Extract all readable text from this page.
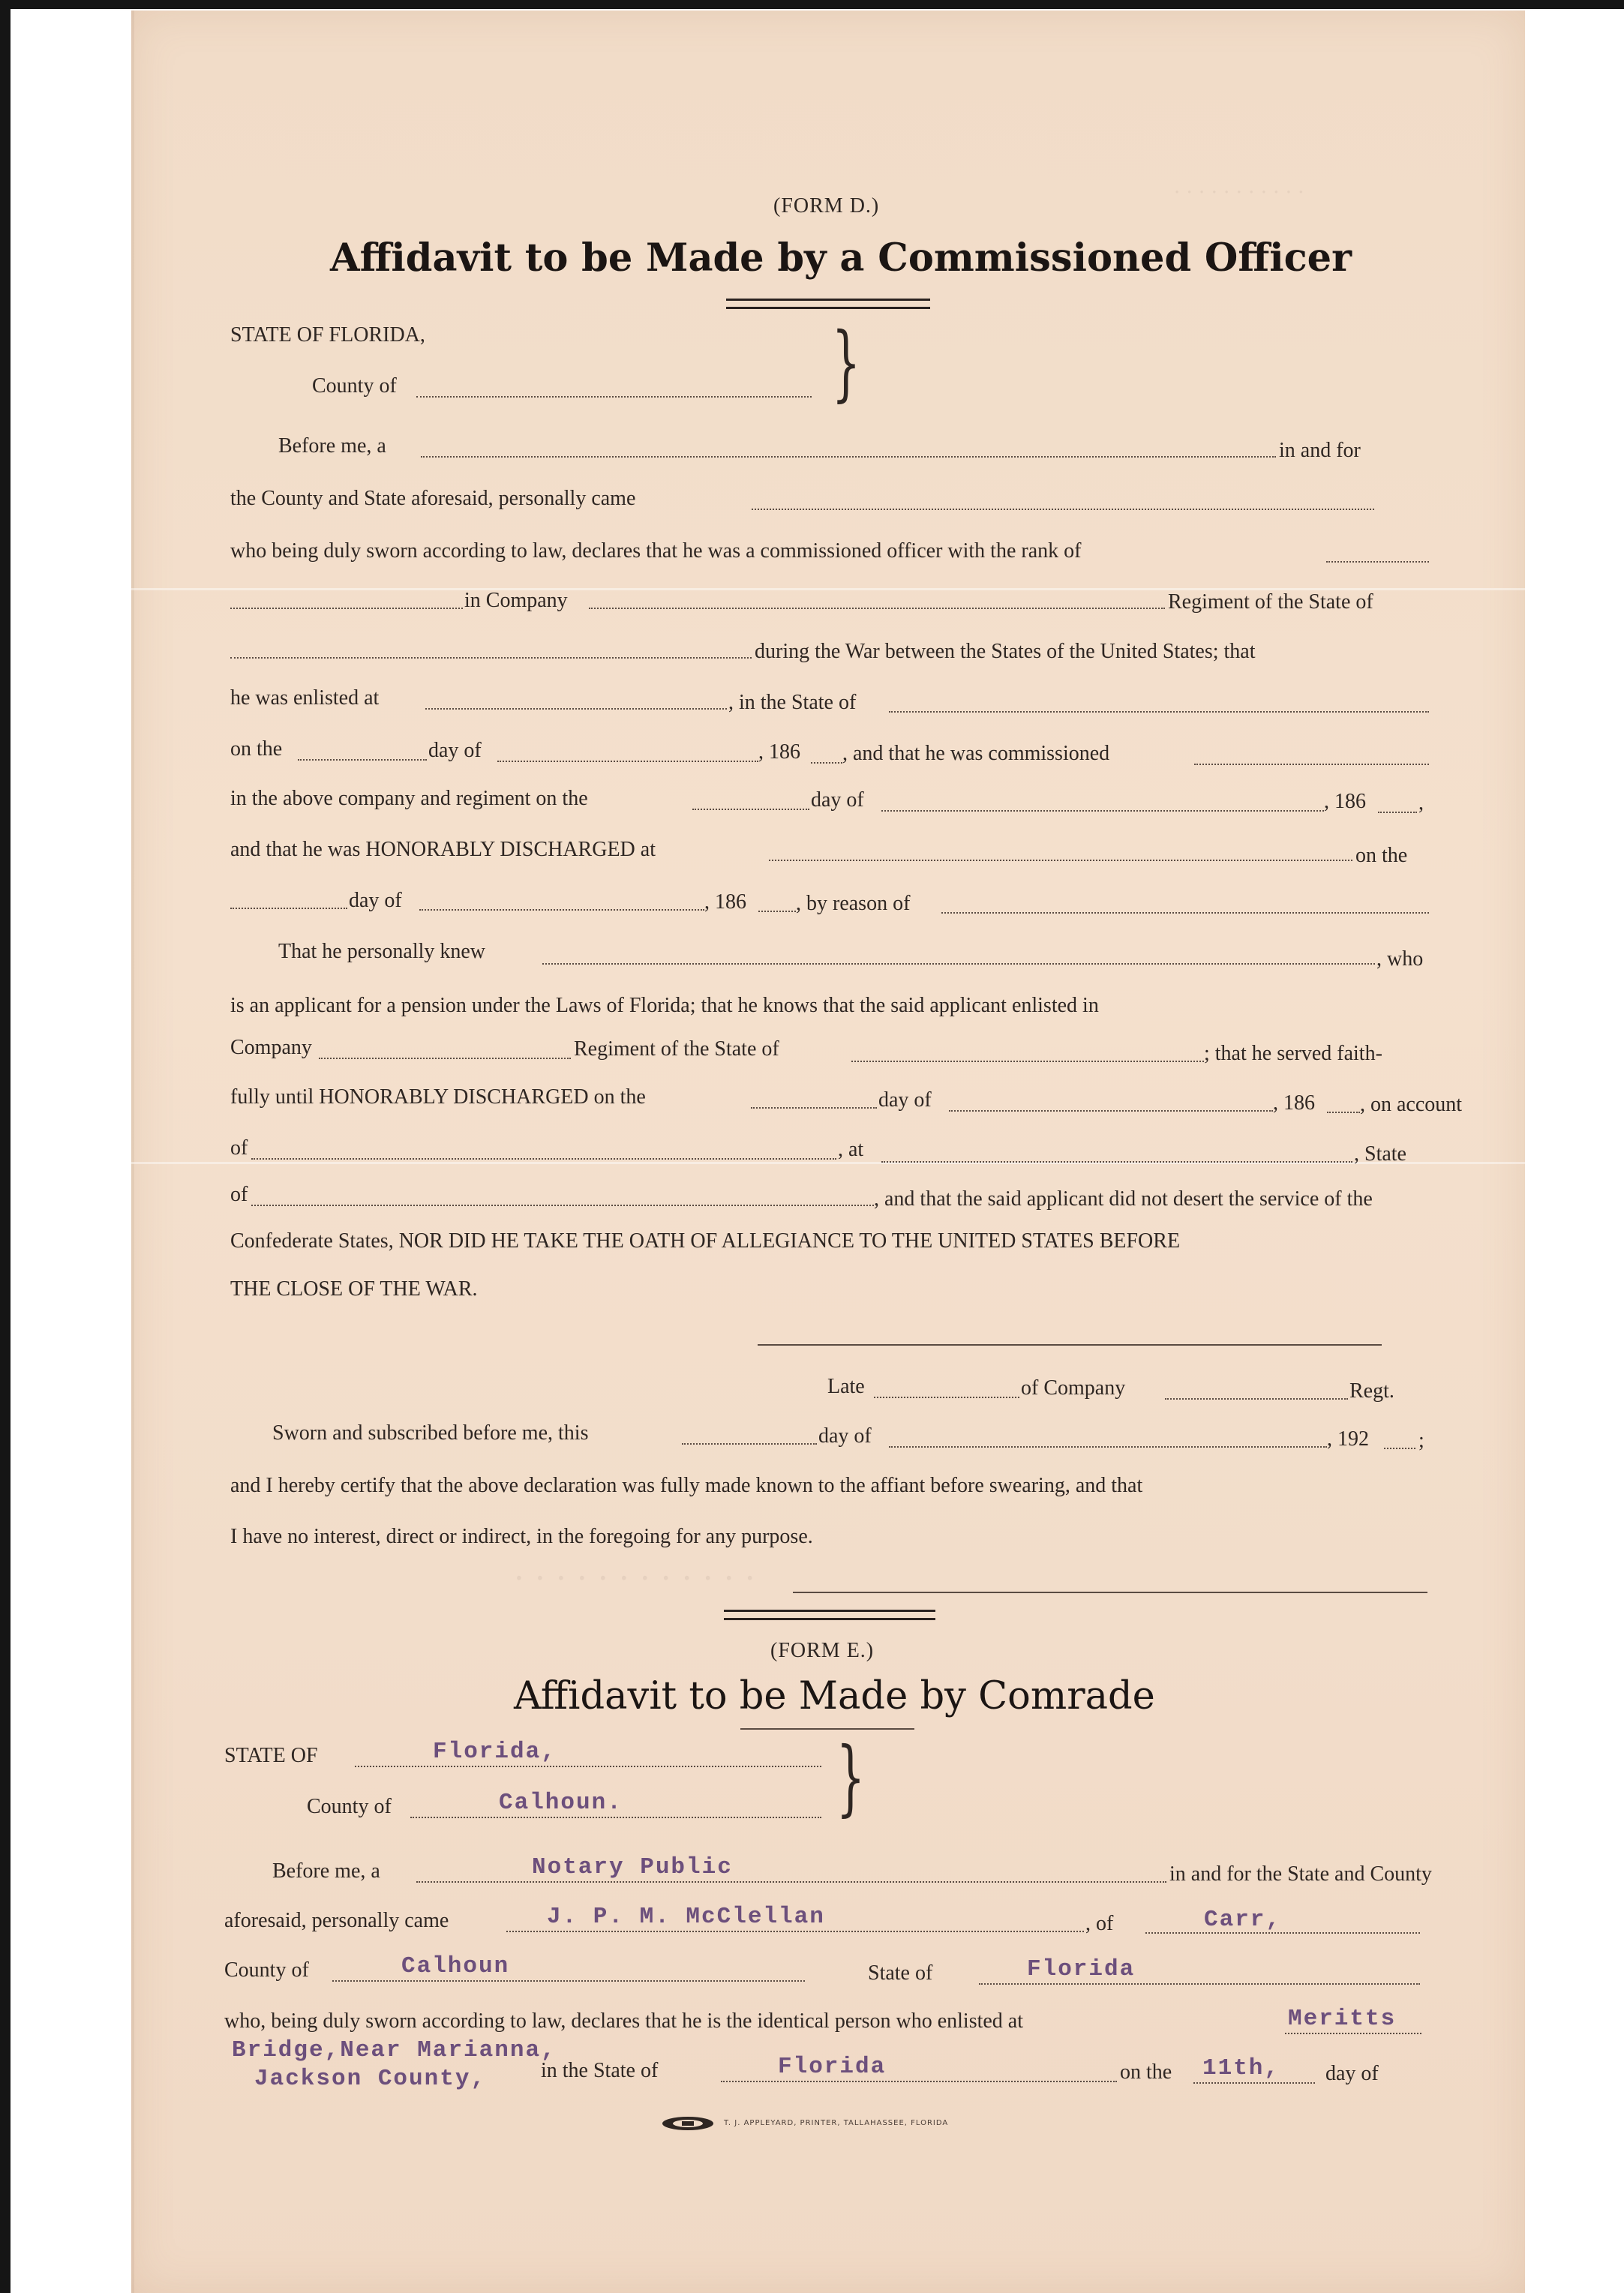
· · · · · · · · · · ·
· · · · · · · · · · · ·
(FORM D.)
Affidavit to be Made by a Commissioned Officer
STATE OF FLORIDA,
County of	}
Before me, a	in and for
the County and State aforesaid, personally came
who being duly sworn according to law, declares that he was a commissioned officer with the rank of
in Company	Regiment of the State of
during the War between the States of the United States; that
he was enlisted at	, in the State of
on the	day of	, 186 , and that he was commissioned
in the above company and regiment on the	day of	, 186	,
and that he was HONORABLY DISCHARGED at	on the
day of	, 186 , by reason of
That he personally knew	, who
is an applicant for a pension under the Laws of Florida; that he knows that the said applicant enlisted in
Company	Regiment of the State of	; that he served faith-
fully until HONORABLY DISCHARGED on the	day of	, 186 , on account
of	, at	, State
of	, and that the said applicant did not desert the service of the
Confederate States, NOR DID HE TAKE THE OATH OF ALLEGIANCE TO THE UNITED STATES BEFORE
THE CLOSE OF THE WAR.
Late	of Company	Regt.
Sworn and subscribed before me, this	day of	, 192 ;
and I hereby certify that the above declaration was fully made known to the affiant before swearing, and that
I have no interest, direct or indirect, in the foregoing for any purpose.
(FORM E.)
Affidavit to be Made by Comrade
STATE OF	Florida,
County of	Calhoun.	}
Before me, a	Notary Public	in and for the State and County
aforesaid, personally came	J. P. M. McClellan	, of	Carr,
County of	Calhoun	State of	Florida
who, being duly sworn according to law, declares that he is the identical person who enlisted at	Meritts
Bridge,Near Marianna,
Jackson County,	in the State of	Florida	on the 11th, day of
T. J. APPLEYARD, PRINTER, TALLAHASSEE, FLORIDA
